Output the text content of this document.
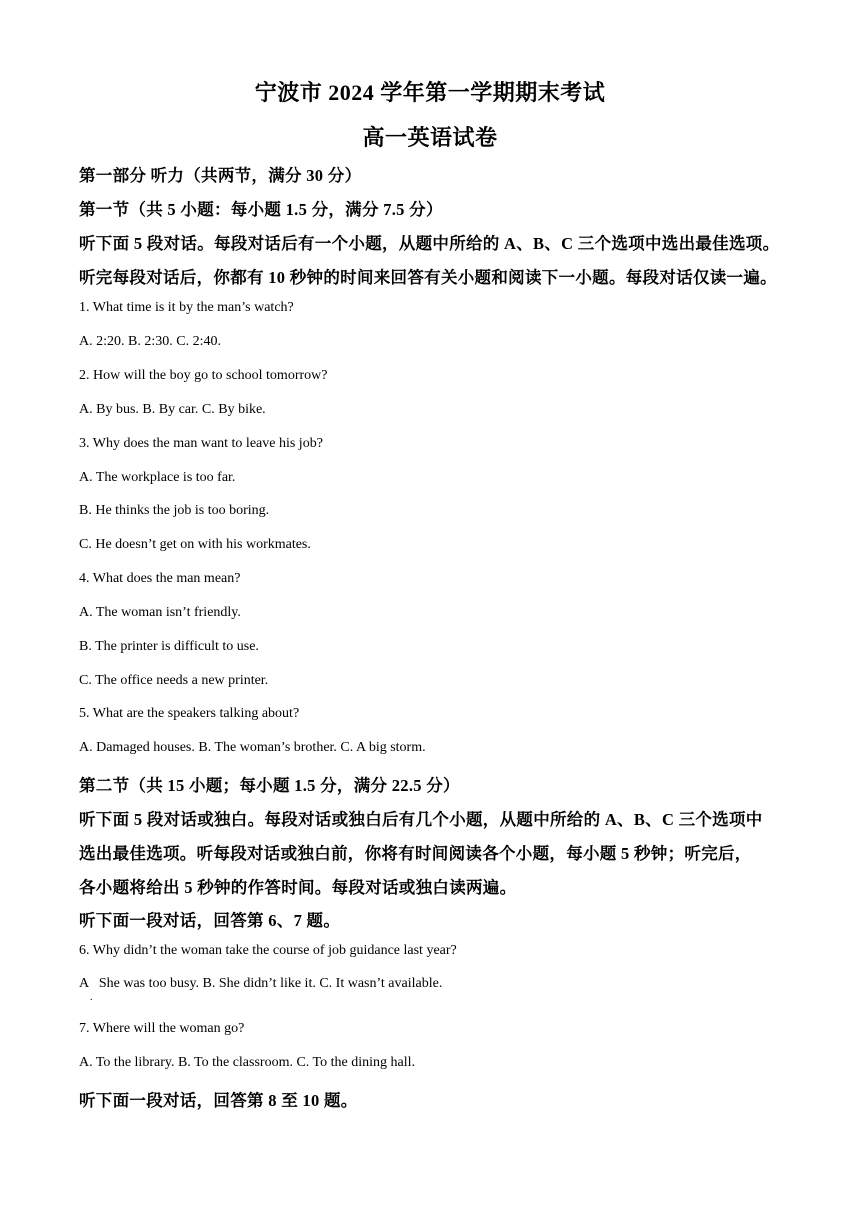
宁波市 2024 学年第一学期期末考试
高一英语试卷
第一部分 听力（共两节，满分 30 分）
第一节（共 5 小题：每小题 1.5 分，满分 7.5 分）
听下面 5 段对话。每段对话后有一个小题，从题中所给的 A、B、C 三个选项中选出最佳选项。
听完每段对话后，你都有 10 秒钟的时间来回答有关小题和阅读下一小题。每段对话仅读一遍。
1. What time is it by the man’s watch?
A. 2:20. B. 2:30. C. 2:40.
2. How will the boy go to school tomorrow?
A. By bus. B. By car. C. By bike.
3. Why does the man want to leave his job?
A. The workplace is too far.
B. He thinks the job is too boring.
C. He doesn’t get on with his workmates.
4. What does the man mean?
A. The woman isn’t friendly.
B. The printer is difficult to use.
C. The office needs a new printer.
5. What are the speakers talking about?
A. Damaged houses. B. The woman’s brother. C. A big storm.
第二节（共 15 小题；每小题 1.5 分，满分 22.5 分）
听下面 5 段对话或独白。每段对话或独白后有几个小题，从题中所给的 A、B、C 三个选项中
选出最佳选项。听每段对话或独白前，你将有时间阅读各个小题，每小题 5 秒钟；听完后，
各小题将给出 5 秒钟的作答时间。每段对话或独白读两遍。
听下面一段对话，回答第 6、7 题。
6. Why didn’t the woman take the course of job guidance last year?
A   She was too busy. B. She didn’t like it. C. It wasn’t available.
.
7. Where will the woman go?
A. To the library. B. To the classroom. C. To the dining hall.
听下面一段对话，回答第 8 至 10 题。
